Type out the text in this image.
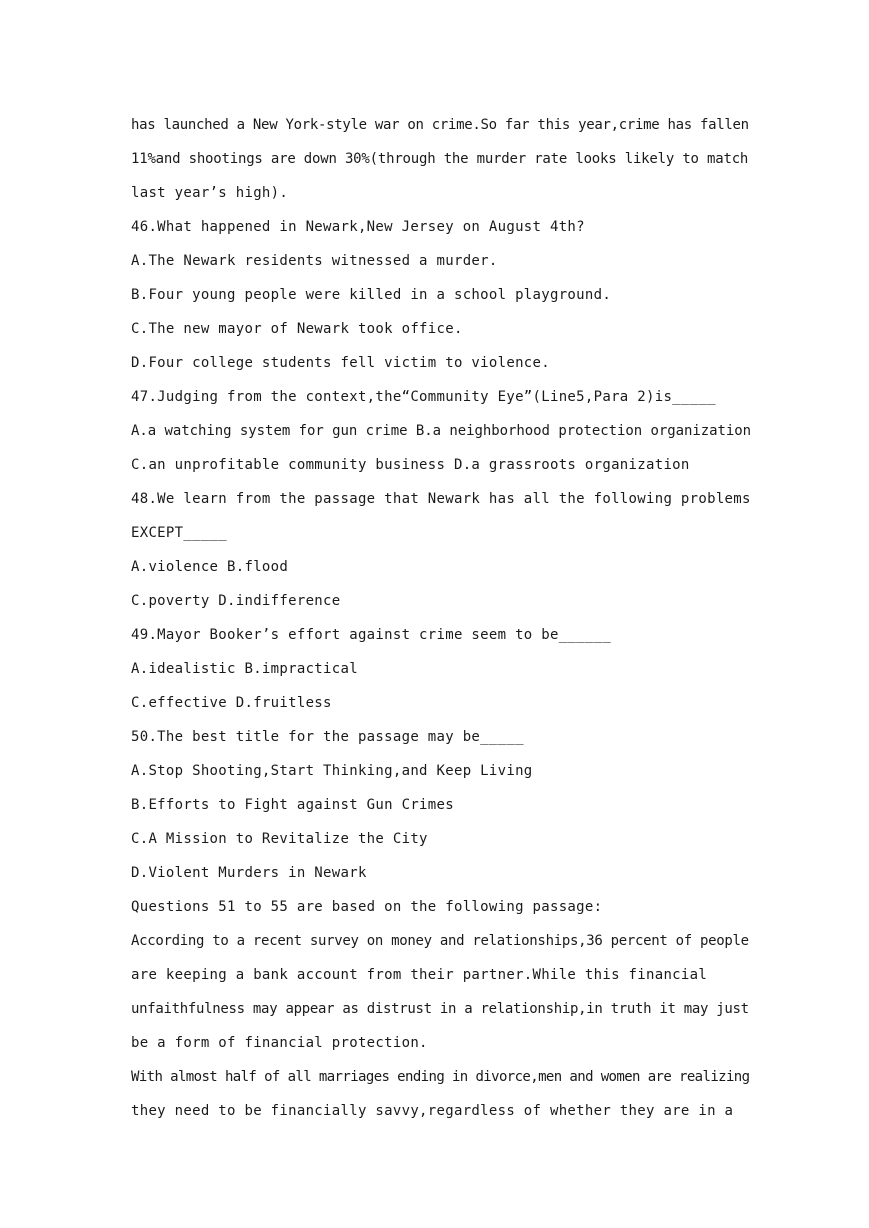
has launched a New York-style war on crime.So far this year,crime has fallen
11%and shootings are down 30%(through the murder rate looks likely to match
last year’s high).
46.What happened in Newark,New Jersey on August 4th?
A.The Newark residents witnessed a murder.
B.Four young people were killed in a school playground.
C.The new mayor of Newark took office.
D.Four college students fell victim to violence.
47.Judging from the context,the“Community Eye”(Line5,Para 2)is_____
A.a watching system for gun crime B.a neighborhood protection organization
C.an unprofitable community business D.a grassroots organization
48.We learn from the passage that Newark has all the following problems
EXCEPT_____
A.violence B.flood
C.poverty D.indifference
49.Mayor Booker’s effort against crime seem to be______
A.idealistic B.impractical
C.effective D.fruitless
50.The best title for the passage may be_____
A.Stop Shooting,Start Thinking,and Keep Living
B.Efforts to Fight against Gun Crimes
C.A Mission to Revitalize the City
D.Violent Murders in Newark
Questions 51 to 55 are based on the following passage:
According to a recent survey on money and relationships,36 percent of people
are keeping a bank account from their partner.While this financial
unfaithfulness may appear as distrust in a relationship,in truth it may just
be a form of financial protection.
With almost half of all marriages ending in divorce,men and women are realizing
they need to be financially savvy,regardless of whether they are in a
